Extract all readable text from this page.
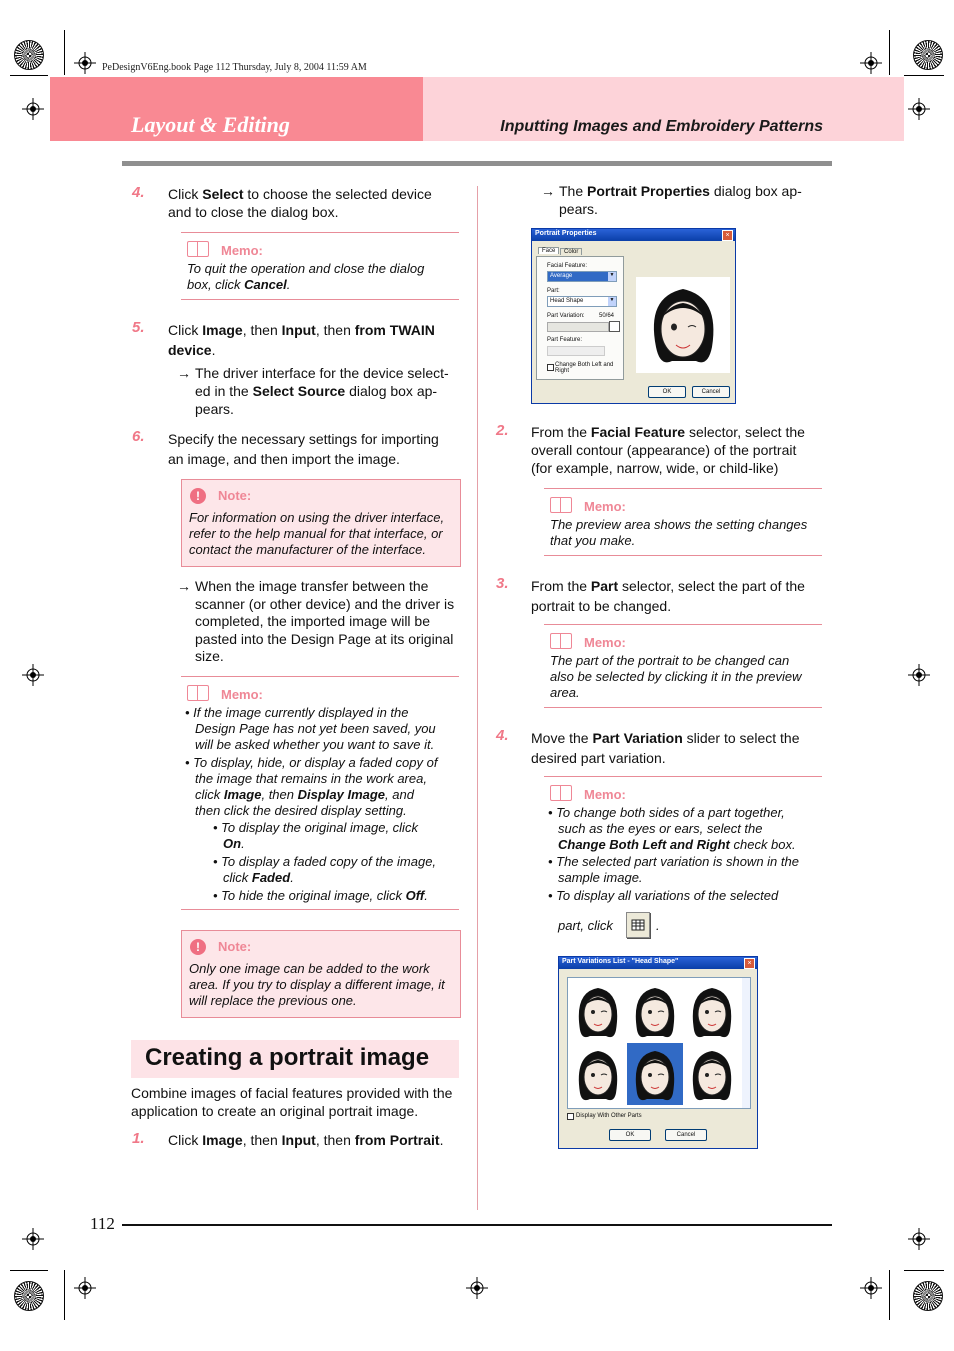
PeDesignV6Eng.book Page 112 Thursday, July 8, 2004 11:59 AM
Layout & Editing	Inputting Images and Embroidery Patterns
4. Click Select to choose the selected device
and to close the dialog box.
Memo:
To quit the operation and close the dialog
box, click Cancel.
5. Click Image, then Input, then from TWAIN
device.
→ The driver interface for the device select-
ed in the Select Source dialog box ap-
pears.
6. Specify the necessary settings for importing
an image, and then import the image.
! Note:
For information on using the driver interface,
refer to the help manual for that interface, or
contact the manufacturer of the interface.
→ When the image transfer between the
scanner (or other device) and the driver is
completed, the imported image will be
pasted into the Design Page at its original
size.
Memo:
• If the image currently displayed in the
Design Page has not yet been saved, you
will be asked whether you want to save it.
• To display, hide, or display a faded copy of
the image that remains in the work area,
click Image, then Display Image, and
then click the desired display setting.
• To display the original image, click
On.
• To display a faded copy of the image,
click Faded.
• To hide the original image, click Off.
! Note:
Only one image can be added to the work
area. If you try to display a different image, it
will replace the previous one.
Creating a portrait image
Combine images of facial features provided with the
application to create an original portrait image.
1. Click Image, then Input, then from Portrait.
→ The Portrait Properties dialog box ap-
pears.
Portrait Properties	×
Face	Color
Facial Feature:
Average	▼
Part:
Head Shape	▼
Part Variation: 50/64
Part Feature:
Change Both Left and Right
OK	Cancel
2. From the Facial Feature selector, select the
overall contour (appearance) of the portrait
(for example, narrow, wide, or child-like)
Memo:
The preview area shows the setting changes
that you make.
3. From the Part selector, select the part of the
portrait to be changed.
Memo:
The part of the portrait to be changed can
also be selected by clicking it in the preview
area.
4. Move the Part Variation slider to select the
desired part variation.
Memo:
• To change both sides of a part together,
such as the eyes or ears, select the
Change Both Left and Right check box.
• The selected part variation is shown in the
sample image.
• To display all variations of the selected
part, click	.
Part Variations List - "Head Shape"	×
Display With Other Parts
OK	Cancel
112
